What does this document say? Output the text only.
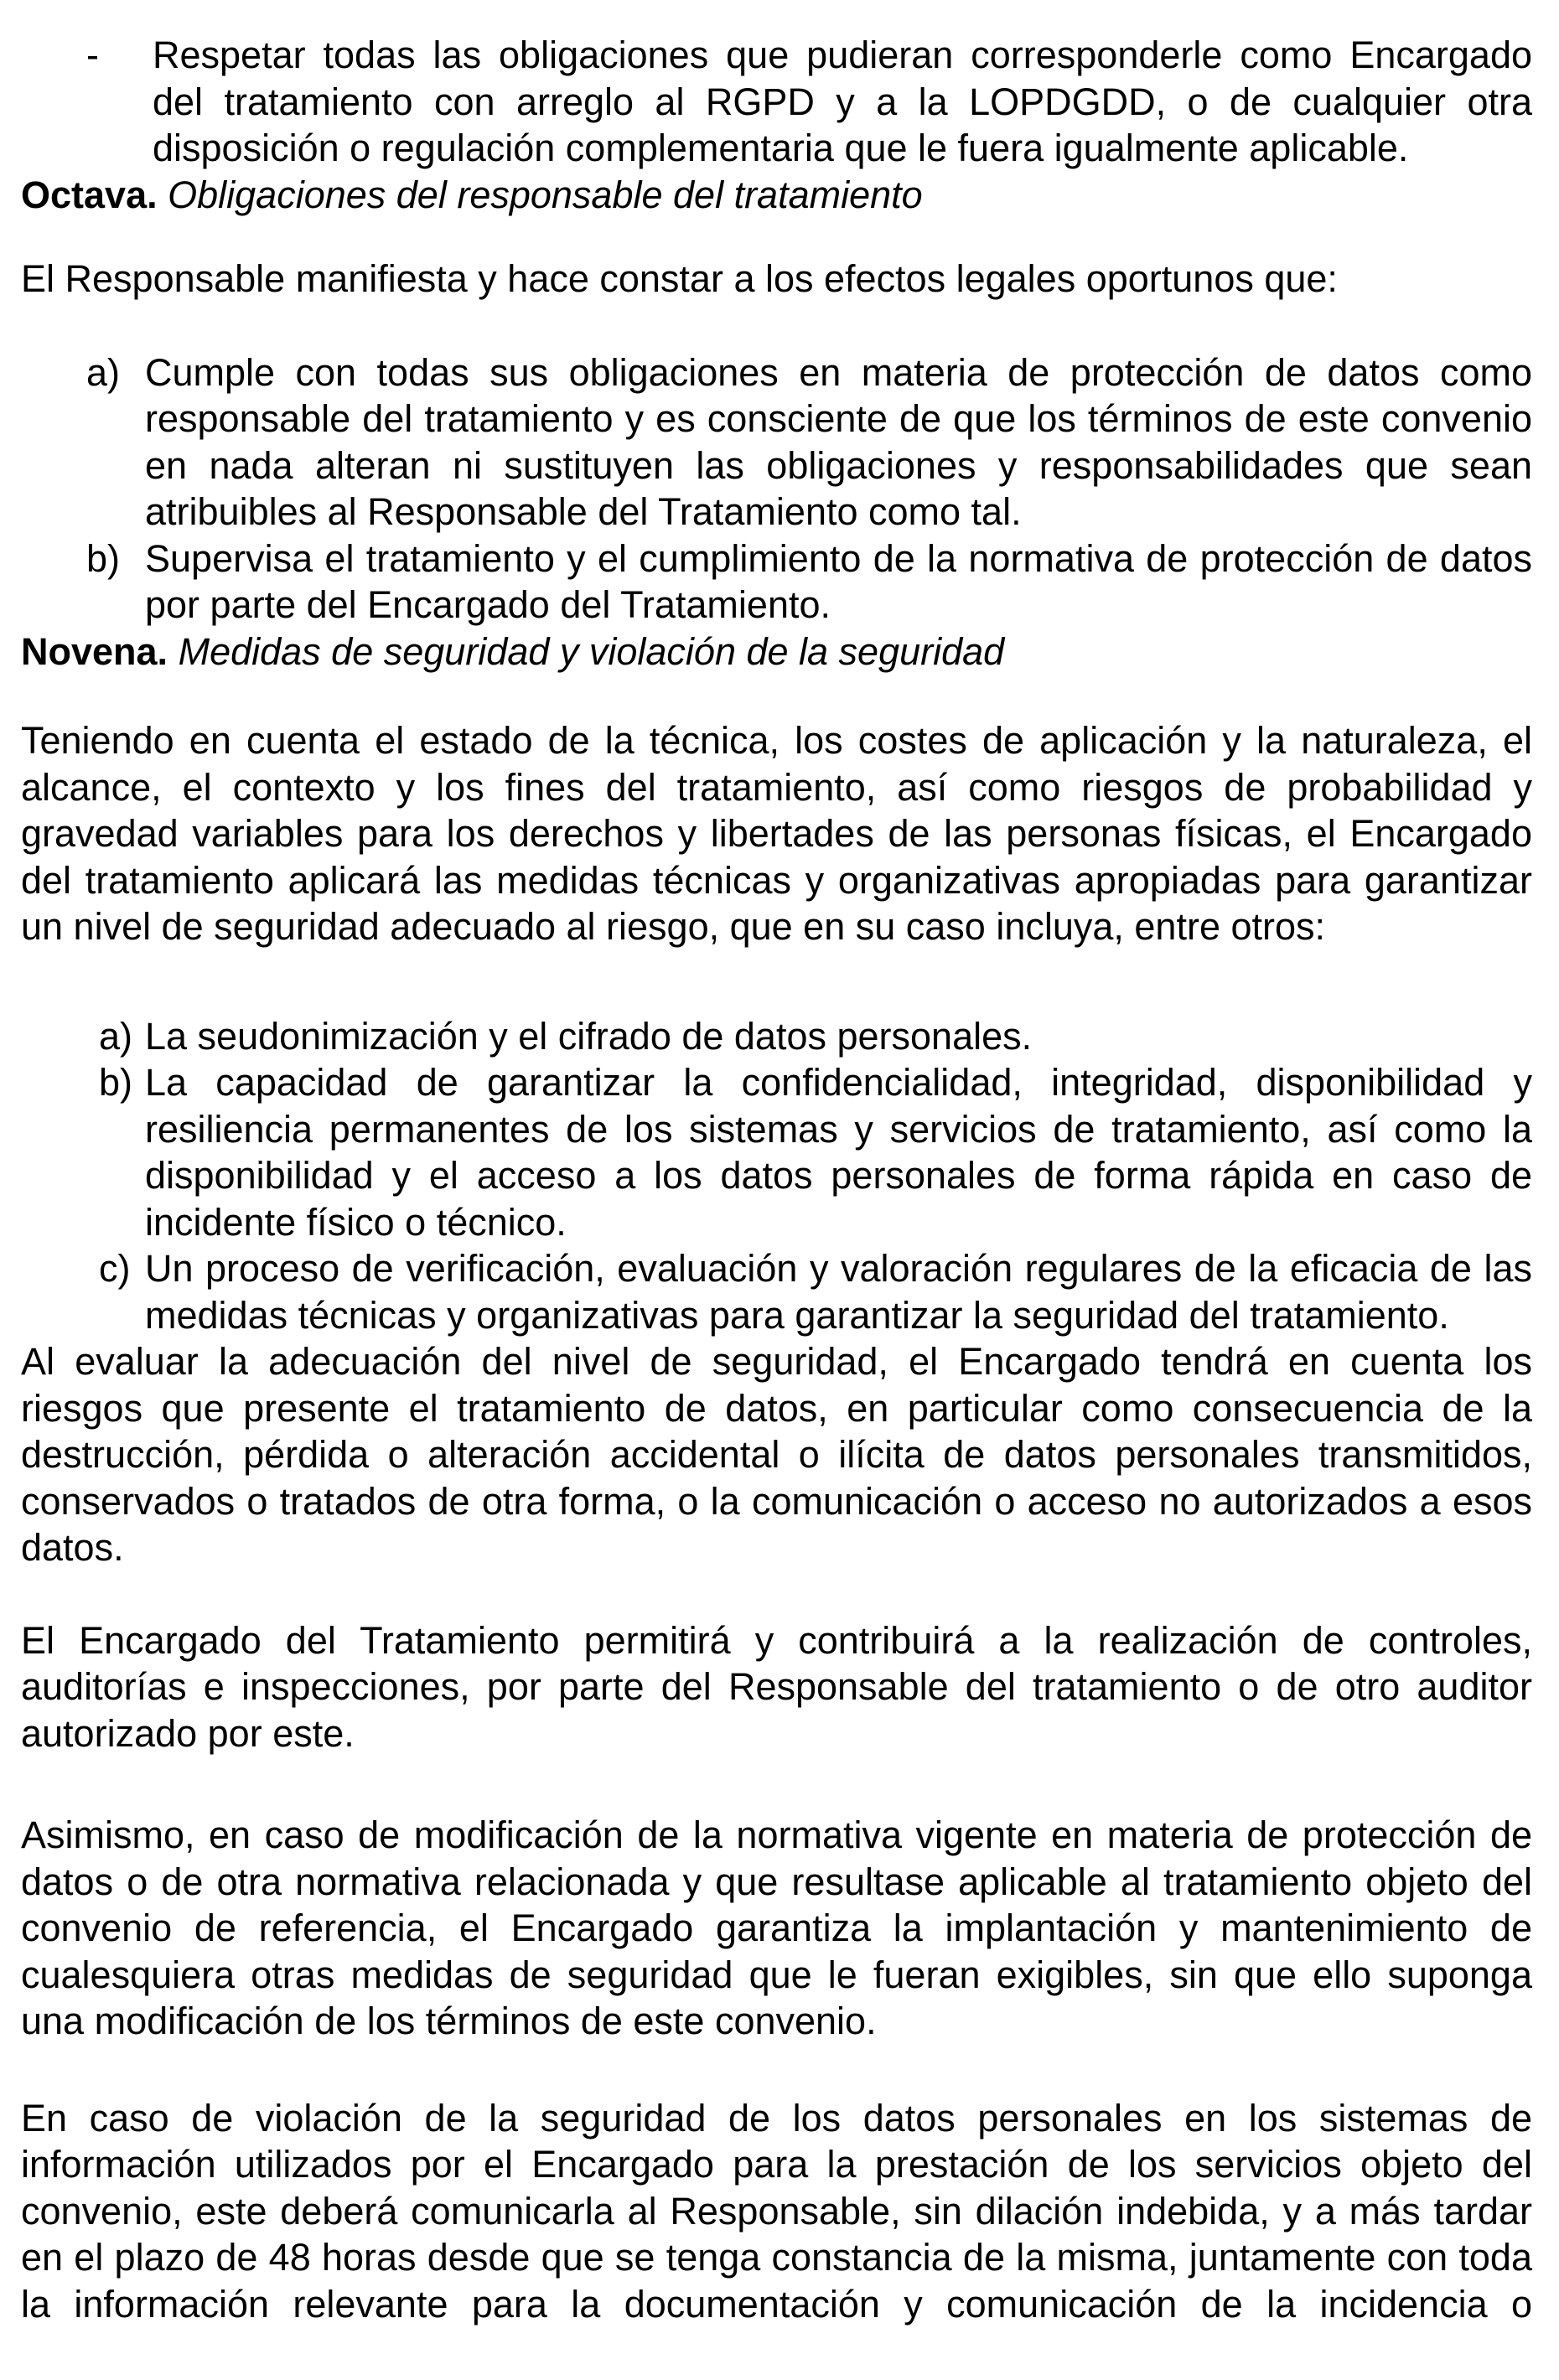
- Respetar todas las obligaciones que pudieran corresponderle como Encargado del tratamiento con arreglo al RGPD y a la LOPDGDD, o de cualquier otra disposición o regulación complementaria que le fuera igualmente aplicable.

Octava. Obligaciones del responsable del tratamiento

El Responsable manifiesta y hace constar a los efectos legales oportunos que:

a) Cumple con todas sus obligaciones en materia de protección de datos como responsable del tratamiento y es consciente de que los términos de este convenio en nada alteran ni sustituyen las obligaciones y responsabilidades que sean atribuibles al Responsable del Tratamiento como tal.
b) Supervisa el tratamiento y el cumplimiento de la normativa de protección de datos por parte del Encargado del Tratamiento.

Novena. Medidas de seguridad y violación de la seguridad

Teniendo en cuenta el estado de la técnica, los costes de aplicación y la naturaleza, el alcance, el contexto y los fines del tratamiento, así como riesgos de probabilidad y gravedad variables para los derechos y libertades de las personas físicas, el Encargado del tratamiento aplicará las medidas técnicas y organizativas apropiadas para garantizar un nivel de seguridad adecuado al riesgo, que en su caso incluya, entre otros:

a) La seudonimización y el cifrado de datos personales.
b) La capacidad de garantizar la confidencialidad, integridad, disponibilidad y resiliencia permanentes de los sistemas y servicios de tratamiento, así como la disponibilidad y el acceso a los datos personales de forma rápida en caso de incidente físico o técnico.
c) Un proceso de verificación, evaluación y valoración regulares de la eficacia de las medidas técnicas y organizativas para garantizar la seguridad del tratamiento.

Al evaluar la adecuación del nivel de seguridad, el Encargado tendrá en cuenta los riesgos que presente el tratamiento de datos, en particular como consecuencia de la destrucción, pérdida o alteración accidental o ilícita de datos personales transmitidos, conservados o tratados de otra forma, o la comunicación o acceso no autorizados a esos datos.

El Encargado del Tratamiento permitirá y contribuirá a la realización de controles, auditorías e inspecciones, por parte del Responsable del tratamiento o de otro auditor autorizado por este.

Asimismo, en caso de modificación de la normativa vigente en materia de protección de datos o de otra normativa relacionada y que resultase aplicable al tratamiento objeto del convenio de referencia, el Encargado garantiza la implantación y mantenimiento de cualesquiera otras medidas de seguridad que le fueran exigibles, sin que ello suponga una modificación de los términos de este convenio.

En caso de violación de la seguridad de los datos personales en los sistemas de información utilizados por el Encargado para la prestación de los servicios objeto del convenio, este deberá comunicarla al Responsable, sin dilación indebida, y a más tardar en el plazo de 48 horas desde que se tenga constancia de la misma, juntamente con toda la información relevante para la documentación y comunicación de la incidencia o
